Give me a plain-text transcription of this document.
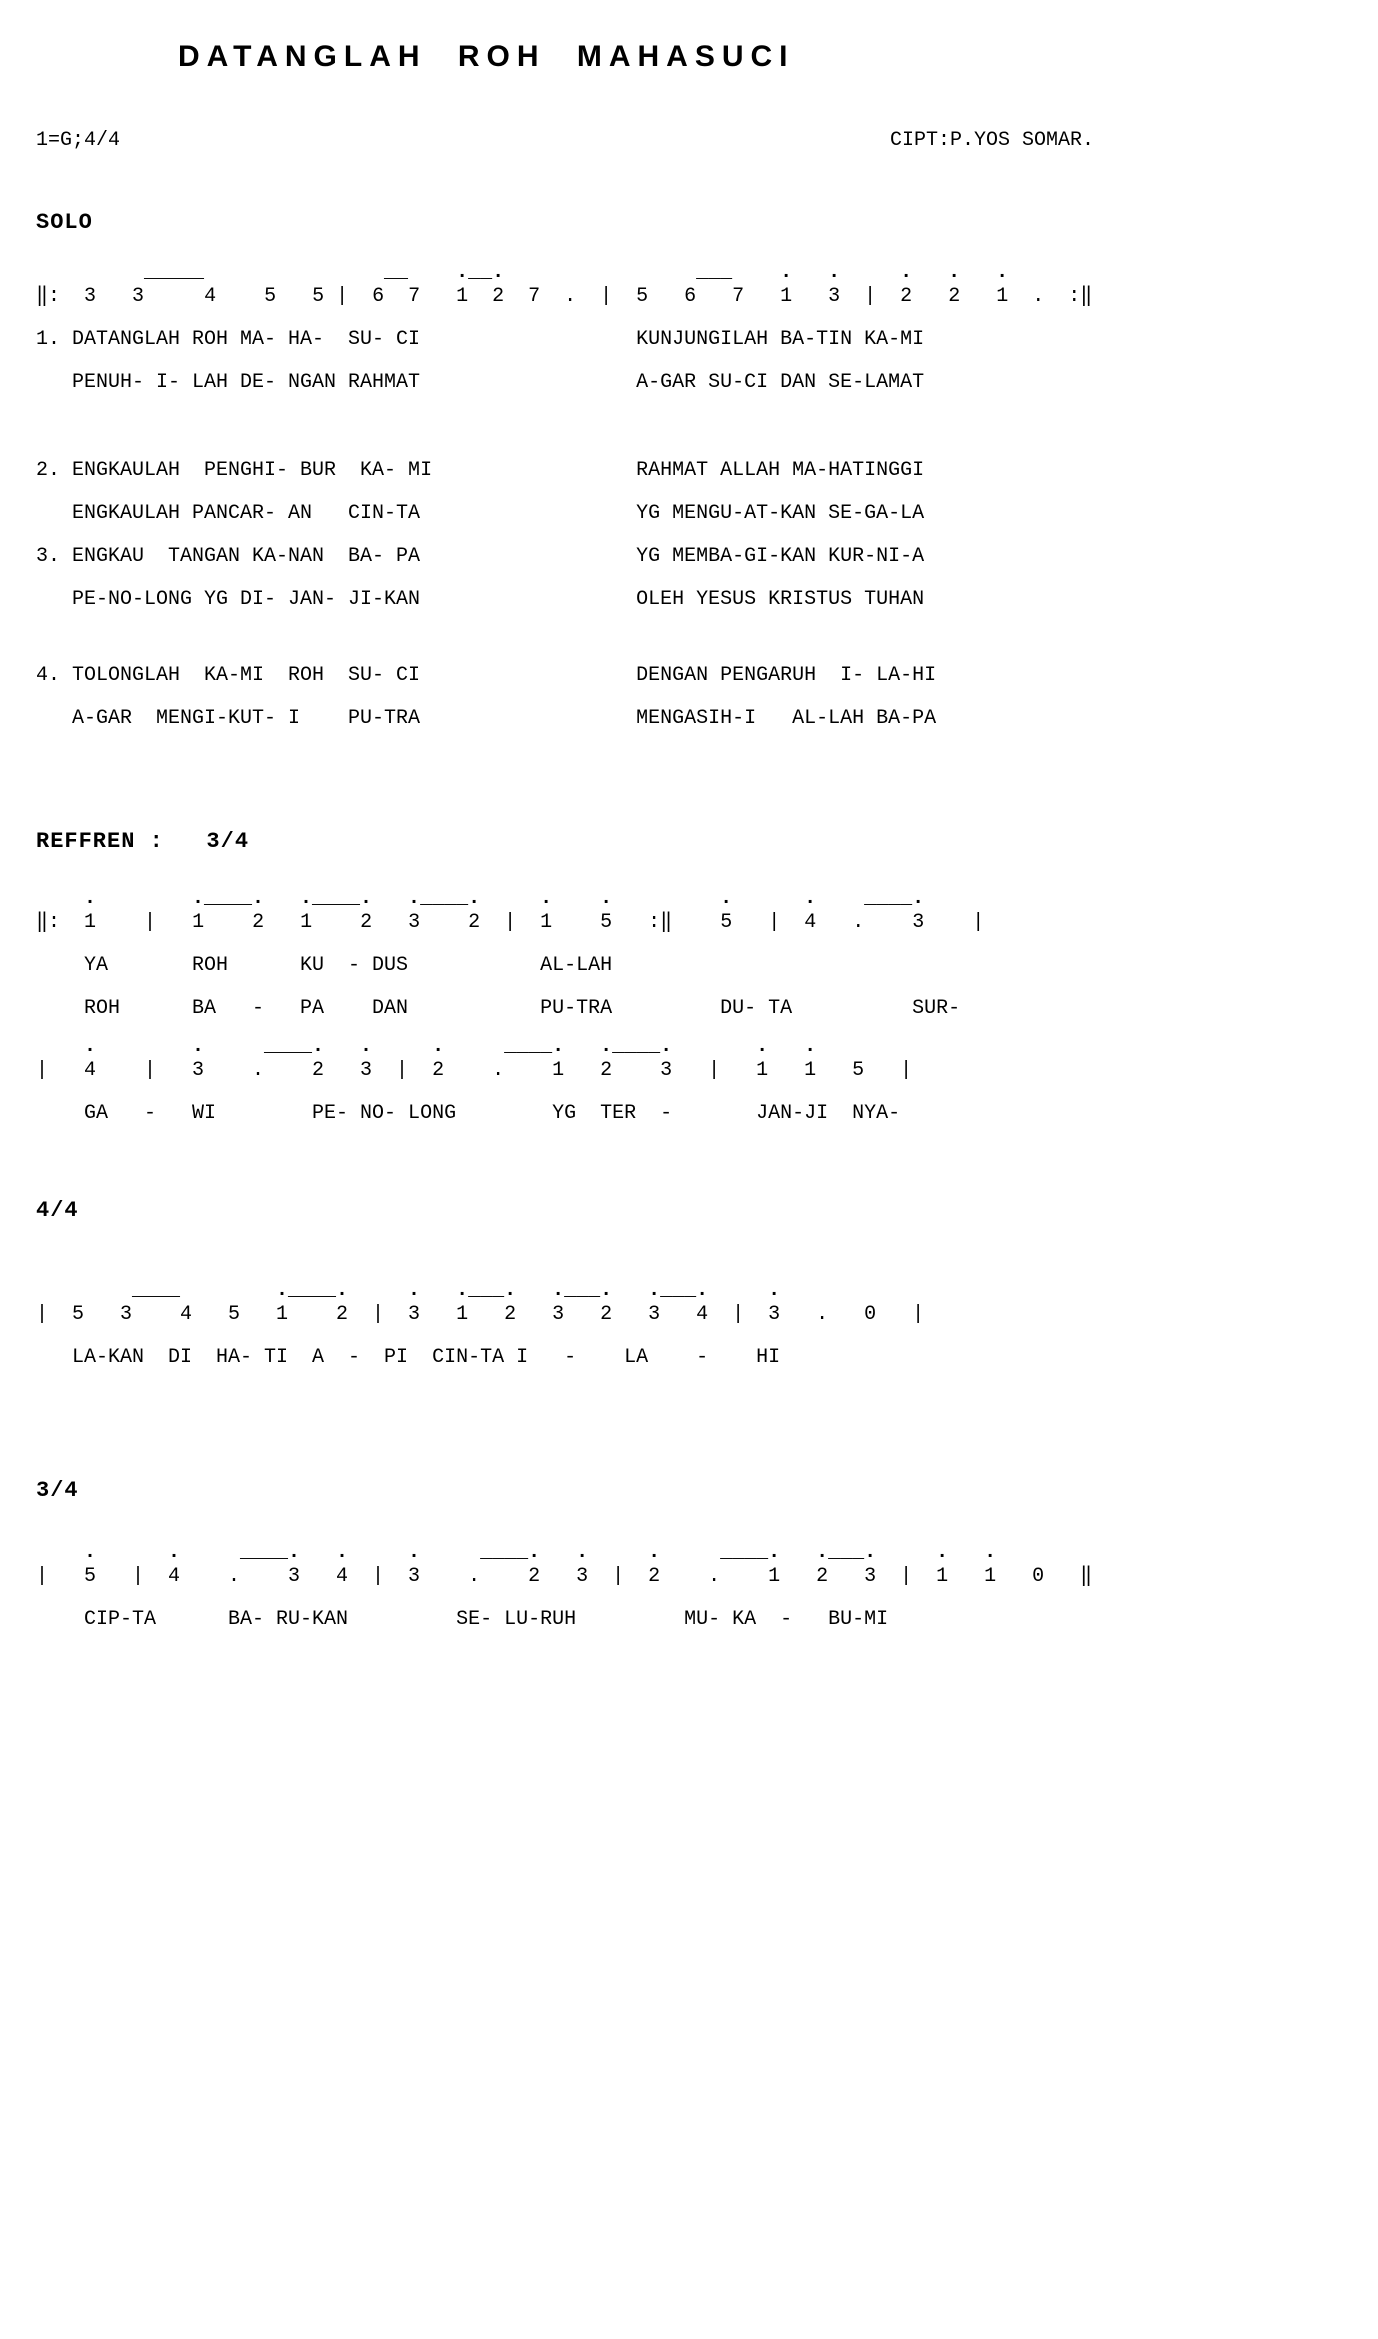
DATANGLAH ROH MAHASUCI
1=G;4/4	CIPT:P.YOS SOMAR.
SOLO
_____               __    .__.                ___    .   .     .   .   .
‖:  3   3     4    5   5 |  6  7   1  2  7  .  |  5   6   7   1   3  |  2   2   1  .  :‖
1. DATANGLAH ROH MA- HA-  SU- CI                  KUNJUNGILAH BA-TIN KA-MI
PENUH- I- LAH DE- NGAN RAHMAT                  A-GAR SU-CI DAN SE-LAMAT
2. ENGKAULAH  PENGHI- BUR  KA- MI                 RAHMAT ALLAH MA-HATINGGI
ENGKAULAH PANCAR- AN   CIN-TA                  YG MENGU-AT-KAN SE-GA-LA
3. ENGKAU  TANGAN KA-NAN  BA- PA                  YG MEMBA-GI-KAN KUR-NI-A
PE-NO-LONG YG DI- JAN- JI-KAN                  OLEH YESUS KRISTUS TUHAN
4. TOLONGLAH  KA-MI  ROH  SU- CI                  DENGAN PENGARUH  I- LA-HI
A-GAR  MENGI-KUT- I    PU-TRA                  MENGASIH-I   AL-LAH BA-PA
REFFREN :   3/4
.        .____.   .____.   .____.     .    .         .      .    ____.
‖:  1    |   1    2   1    2   3    2  |  1    5   :‖    5   |  4   .    3    |
YA       ROH      KU  - DUS           AL-LAH
ROH      BA   -   PA    DAN           PU-TRA         DU- TA          SUR-
.        .     ____.   .     .     ____.   .____.       .   .
|   4    |   3    .    2   3  |  2    .    1   2    3   |   1   1   5   |
GA   -   WI        PE- NO- LONG        YG  TER  -       JAN-JI  NYA-
4/4
____        .____.     .   .___.   .___.   .___.     .
|  5   3    4   5   1    2  |  3   1   2   3   2   3   4  |  3   .   0   |
LA-KAN  DI  HA- TI  A  -  PI  CIN-TA I   -    LA    -    HI
3/4
.      .     ____.   .     .     ____.   .     .     ____.   .___.     .   .
|   5   |  4    .    3   4  |  3    .    2   3  |  2    .    1   2   3  |  1   1   0   ‖
CIP-TA      BA- RU-KAN         SE- LU-RUH         MU- KA  -   BU-MI
